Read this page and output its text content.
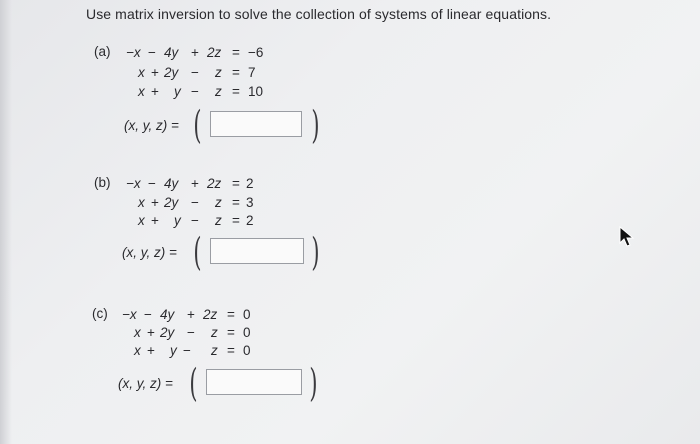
Use matrix inversion to solve the collection of systems of linear equations.
(a) −x − 4y + 2z = −6
x + 2y − z = 7
x + y − z = 10
(x, y, z) = (	)
(b) −x − 4y + 2z = 2
x + 2y − z = 3
x + y − z = 2
(x, y, z) = (	)
(c) −x − 4y + 2z = 0
x + 2y − z = 0
x + y − z = 0
(x, y, z) = (	)
